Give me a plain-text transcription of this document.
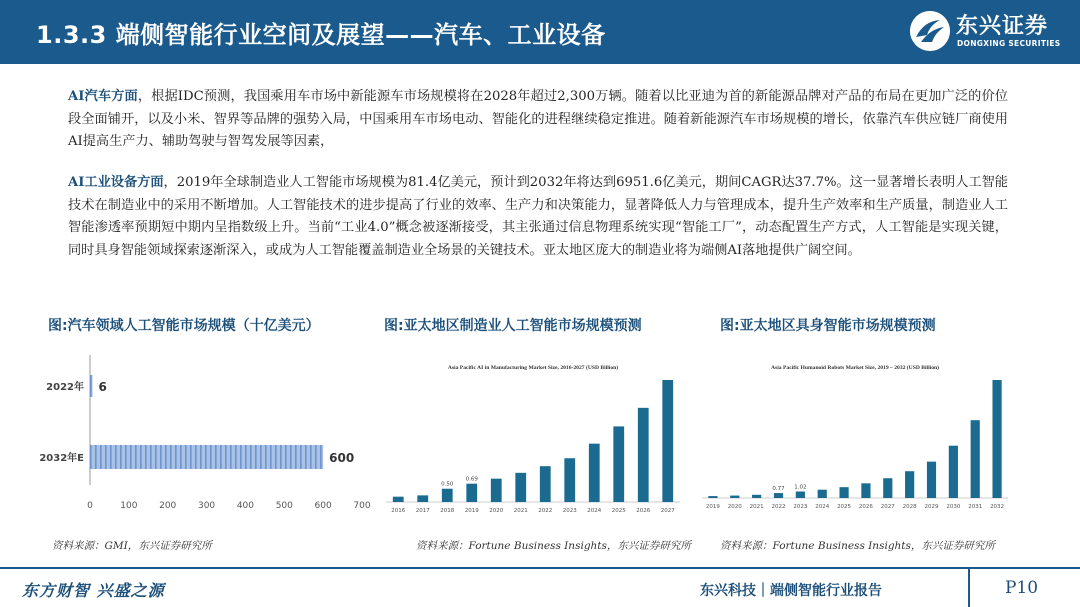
1.3.3 端侧智能行业空间及展望——汽车、工业设备	东兴证券
DONGXING SECURITIES
AI汽车方面，根据IDC预测，我国乘用车市场中新能源车市场规模将在2028年超过2,300万辆。随着以比亚迪为首的新能源品牌对产品的布局在更加广泛的价位段全面铺开，以及小米、智界等品牌的强势入局，中国乘用车市场电动、智能化的进程继续稳定推进。随着新能源汽车市场规模的增长，依靠汽车供应链厂商使用AI提高生产力、辅助驾驶与智驾发展等因素，
AI工业设备方面，2019年全球制造业人工智能市场规模为81.4亿美元，预计到2032年将达到6951.6亿美元，期间CAGR达37.7%。这一显著增长表明人工智能技术在制造业中的采用不断增加。人工智能技术的进步提高了行业的效率、生产力和决策能力，显著降低人力与管理成本，提升生产效率和生产质量，制造业人工智能渗透率预期短中期内呈指数级上升。当前“工业4.0”概念被逐渐接受，其主张通过信息物理系统实现“智能工厂”，动态配置生产方式，人工智能是实现关键，同时具身智能领域探索逐渐深入，或成为人工智能覆盖制造业全场景的关键技术。亚太地区庞大的制造业将为端侧AI落地提供广阔空间。
图:汽车领域人工智能市场规模（十亿美元）	图:亚太地区制造业人工智能市场规模预测	图:亚太地区具身智能市场规模预测
2022年 6
2032年E	600
0	100 200 300 400 500 600 700
Asia Pacific AI in Manufacturing Market Size, 2016-2027 (USD Billion)
2016 2017 2018
0.50
2019
0.69
2020 2021 2022 2023 2024 2025 2026 2027
Asia Pacific Humanoid Robots Market Size, 2019 – 2032 (USD Billion)
2019 2020 2021 2022
0.77
2023
1.02
2024 2025 2026 2027 2028 2029 2030 2031 2032
资料来源：GMI，东兴证券研究所	资料来源：Fortune Business Insights，东兴证券研究所	资料来源：Fortune Business Insights，东兴证券研究所
东方财智 兴盛之源	东兴科技｜端侧智能行业报告	P10
